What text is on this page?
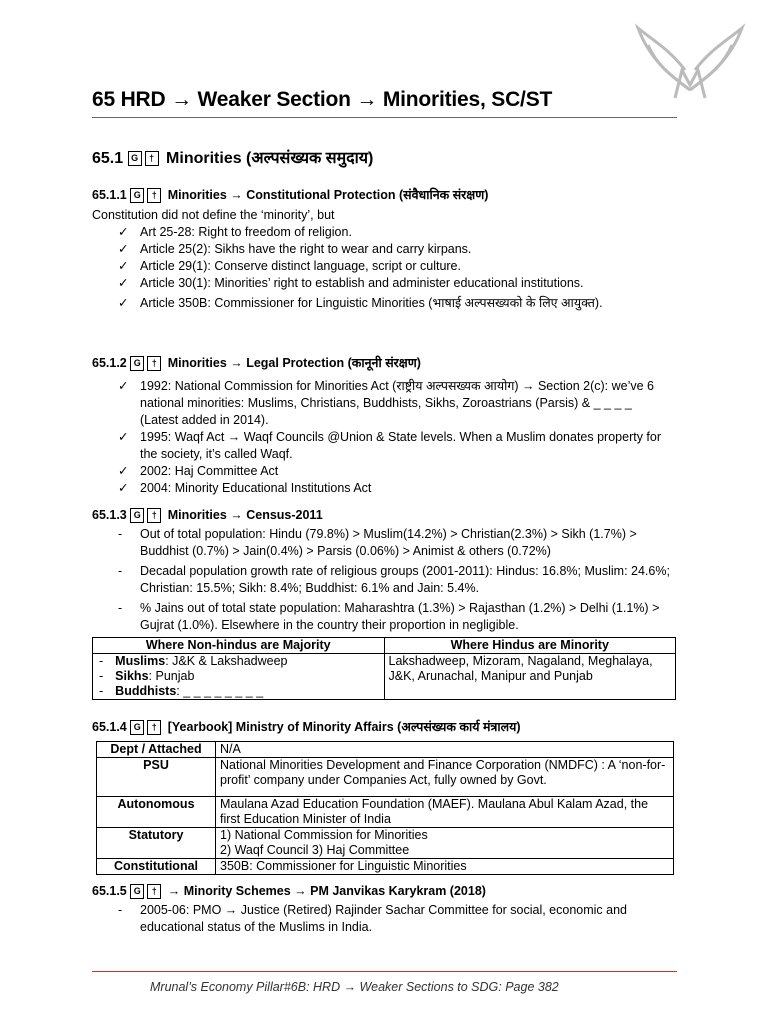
65 HRD → Weaker Section → Minorities, SC/ST
65.1 G † Minorities (अल्पसंख्यक समुदाय)
65.1.1 G † Minorities → Constitutional Protection (संवैधानिक संरक्षण)
Constitution did not define the ‘minority’, but
✓ Art 25-28: Right to freedom of religion.
✓ Article 25(2): Sikhs have the right to wear and carry kirpans.
✓ Article 29(1): Conserve distinct language, script or culture.
✓ Article 30(1): Minorities’ right to establish and administer educational institutions.
✓ Article 350B: Commissioner for Linguistic Minorities (भाषाई अल्पसख्यको के लिए आयुक्त).
65.1.2 G † Minorities → Legal Protection (कानूनी संरक्षण)
✓ 1992: National Commission for Minorities Act (राष्ट्रीय अल्पसख्यक आयोग) → Section 2(c): we’ve 6 national minorities: Muslims, Christians, Buddhists, Sikhs, Zoroastrians (Parsis) & _ _ _ _ (Latest added in 2014).
✓ 1995: Waqf Act → Waqf Councils @Union & State levels. When a Muslim donates property for the society, it’s called Waqf.
✓ 2002: Haj Committee Act
✓ 2004: Minority Educational Institutions Act
65.1.3 G † Minorities → Census-2011
- Out of total population: Hindu (79.8%) > Muslim(14.2%) > Christian(2.3%) > Sikh (1.7%) > Buddhist (0.7%) > Jain(0.4%) > Parsis (0.06%) > Animist & others (0.72%)
- Decadal population growth rate of religious groups (2001-2011): Hindus: 16.8%; Muslim: 24.6%; Christian: 15.5%; Sikh: 8.4%; Buddhist: 6.1% and Jain: 5.4%.
- % Jains out of total state population: Maharashtra (1.3%) > Rajasthan (1.2%) > Delhi (1.1%) > Gujrat (1.0%). Elsewhere in the country their proportion in negligible.
Where Non-hindus are Majority	Where Hindus are Minority

- Muslims: J&K & Lakshadweep
- Sikhs: Punjab
- Buddhists: _ _ _ _ _ _ _ _	Lakshadweep, Mizoram, Nagaland, Meghalaya, J&K, Arunachal, Manipur and Punjab
65.1.4 G † [Yearbook] Ministry of Minority Affairs (अल्पसंख्यक कार्य मंत्रालय)
Dept / Attached	N/A
PSU	National Minorities Development and Finance Corporation (NMDFC) : A ‘non-for-profit’ company under Companies Act, fully owned by Govt.
Autonomous	Maulana Azad Education Foundation (MAEF). Maulana Abul Kalam Azad, the first Education Minister of India
Statutory	1) National Commission for Minorities
2) Waqf Council 3) Haj Committee
Constitutional	350B: Commissioner for Linguistic Minorities
65.1.5 G † → Minority Schemes → PM Janvikas Karykram (2018)
- 2005-06: PMO → Justice (Retired) Rajinder Sachar Committee for social, economic and educational status of the Muslims in India.
Mrunal’s Economy Pillar#6B: HRD → Weaker Sections to SDG: Page 382
